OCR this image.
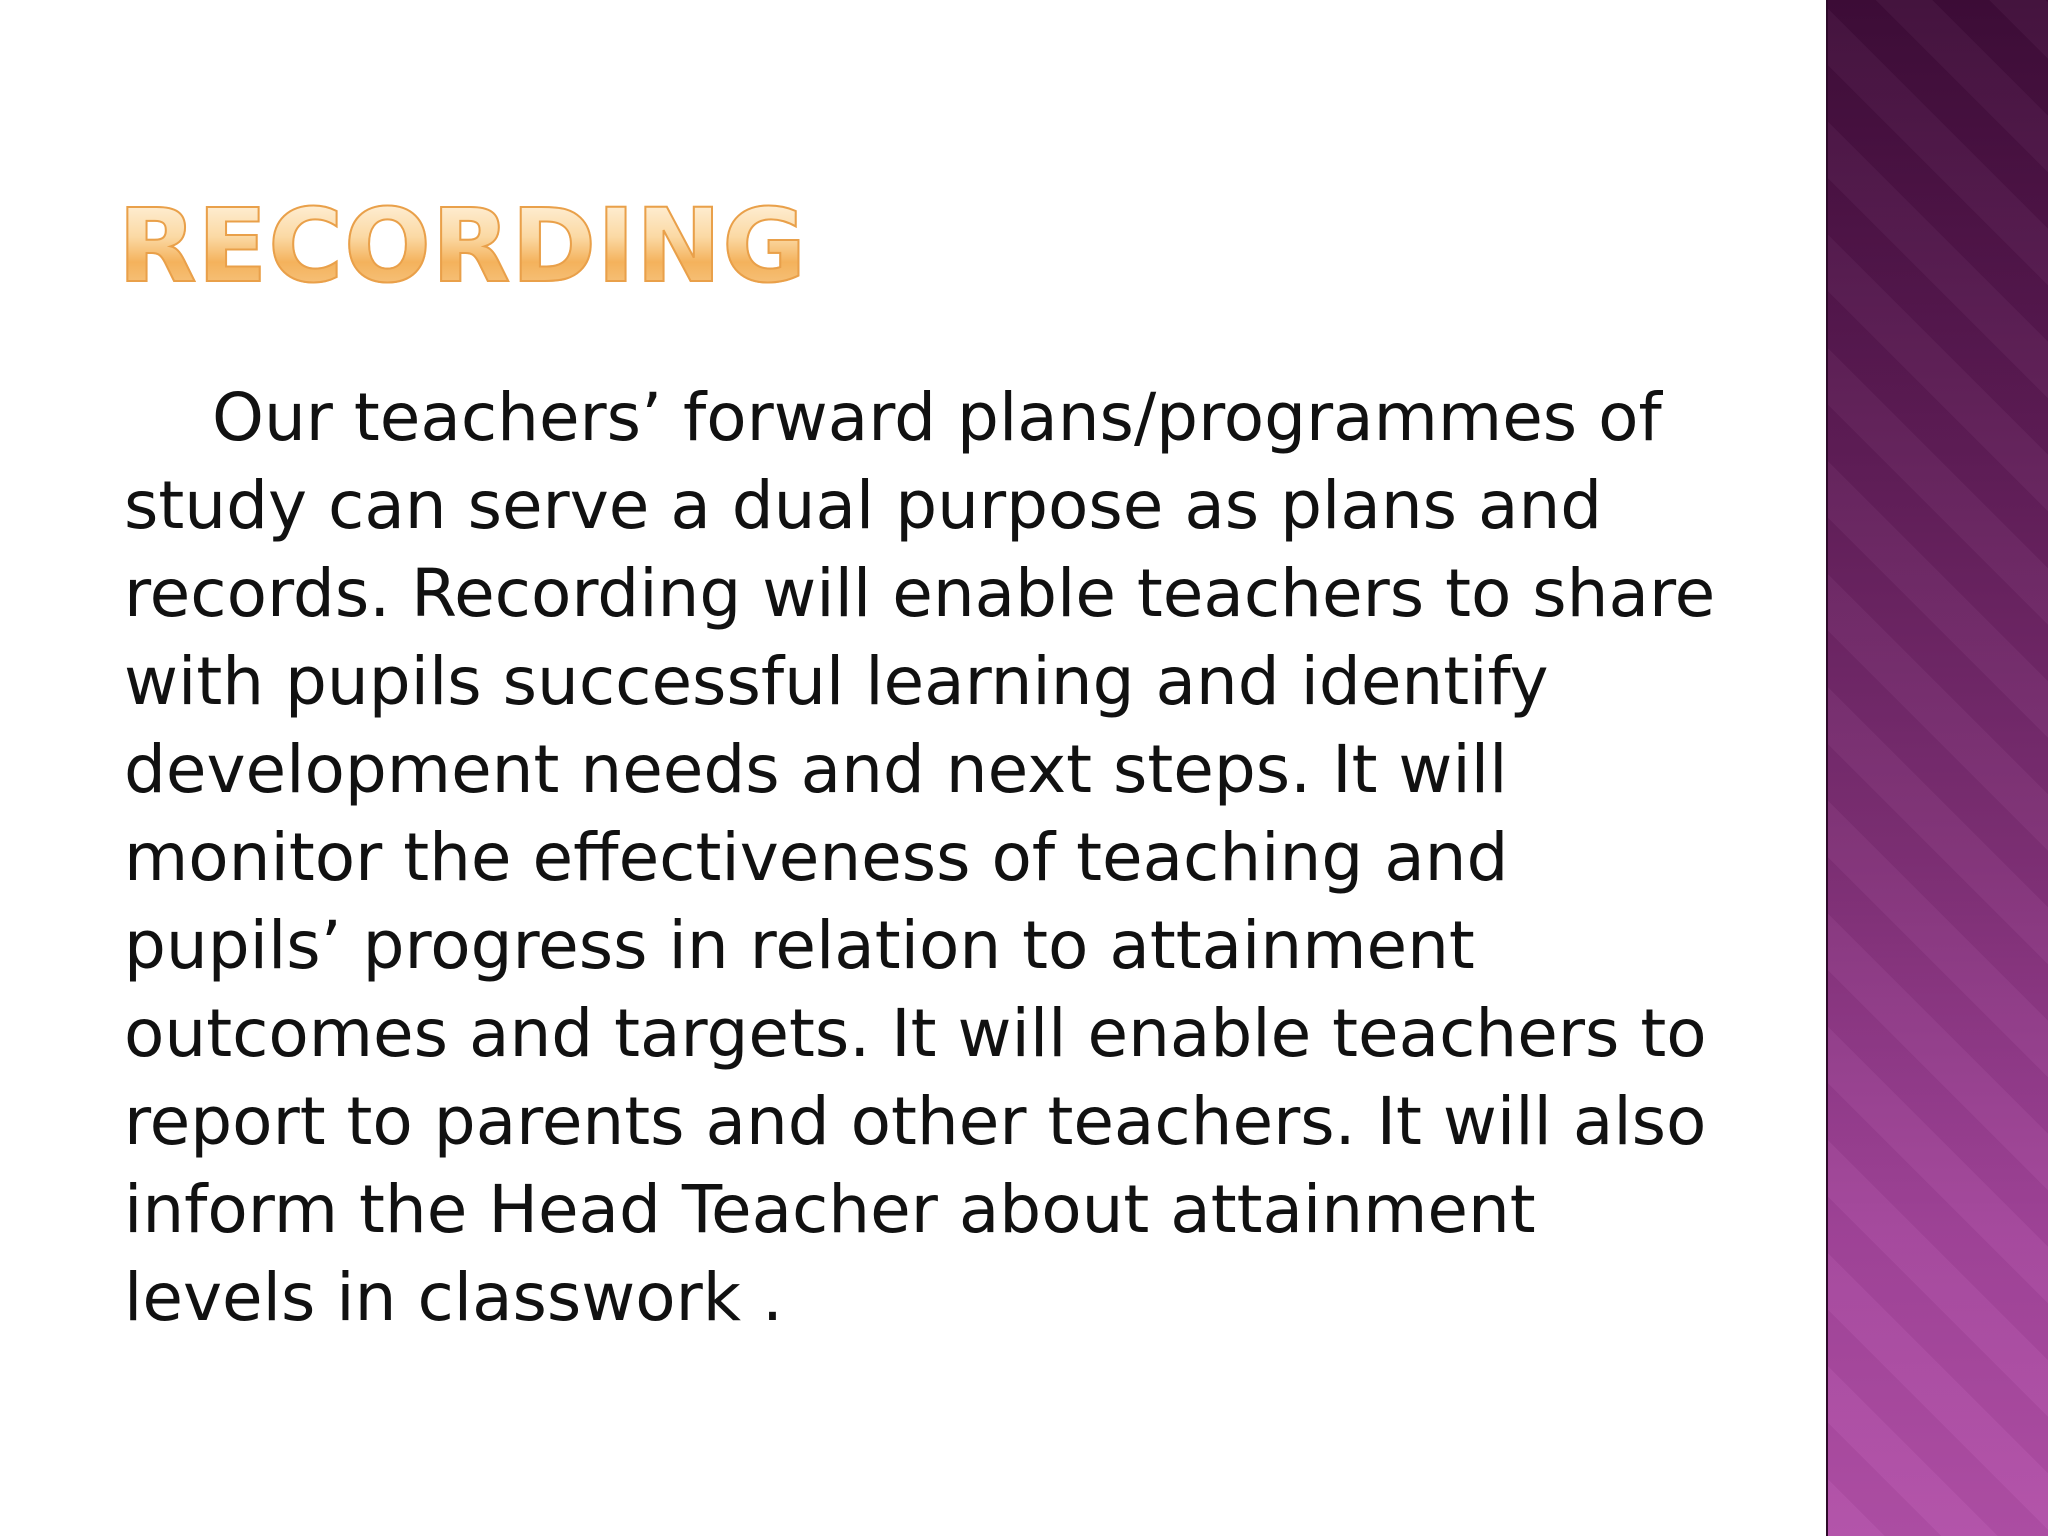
RECORDING

Our teachers’ forward plans/programmes of study can serve a dual purpose as plans and records. Recording will enable teachers to share with pupils successful learning and identify development needs and next steps. It will monitor the effectiveness of teaching and pupils’ progress in relation to attainment outcomes and targets. It will enable teachers to report to parents and other teachers. It will also inform the Head Teacher about attainment levels in classwork .
